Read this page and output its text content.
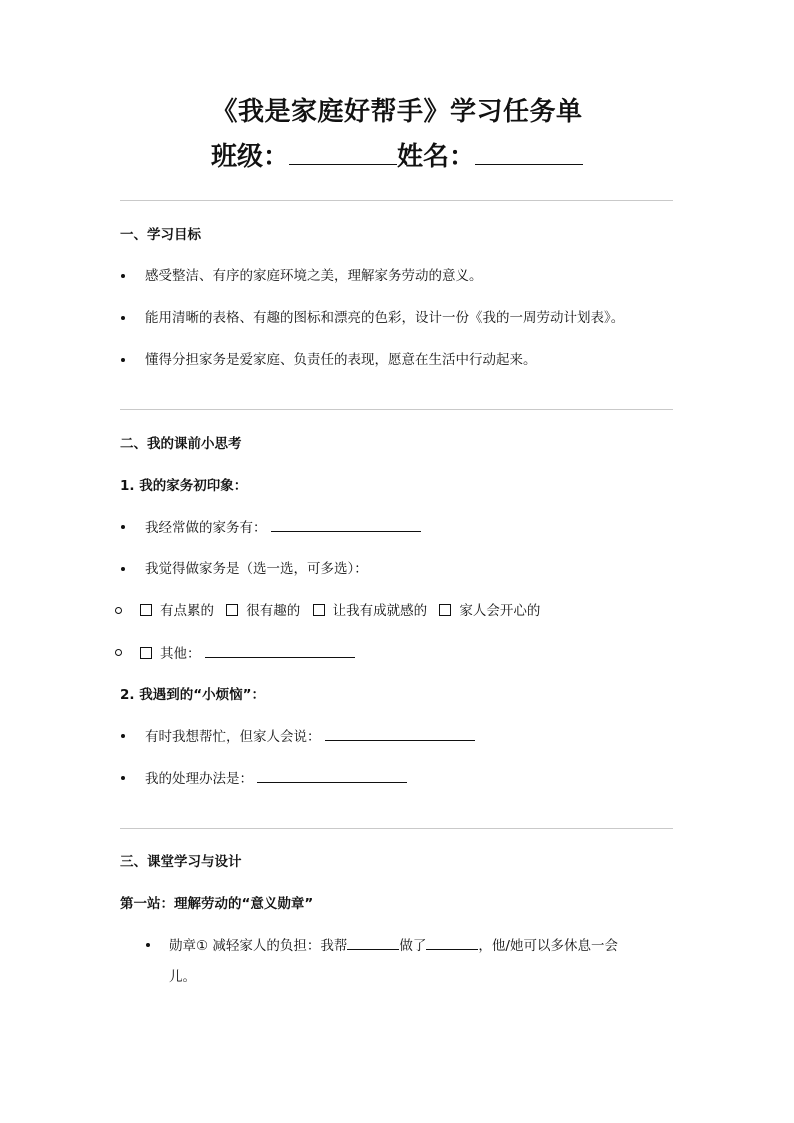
《我是家庭好帮手》学习任务单
班级：	姓名：
一、学习目标
感受整洁、有序的家庭环境之美，理解家务劳动的意义。
能用清晰的表格、有趣的图标和漂亮的色彩，设计一份《我的一周劳动计划表》。
懂得分担家务是爱家庭、负责任的表现，愿意在生活中行动起来。
二、我的课前小思考
1. 我的家务初印象：
我经常做的家务有：
我觉得做家务是（选一选，可多选）：
有点累的 很有趣的 让我有成就感的 家人会开心的
其他：
2. 我遇到的“小烦恼”：
有时我想帮忙，但家人会说：
我的处理办法是：
三、课堂学习与设计
第一站：理解劳动的“意义勋章”
勋章① 减轻家人的负担：我帮	做了	，他/她可以多休息一会
儿。
